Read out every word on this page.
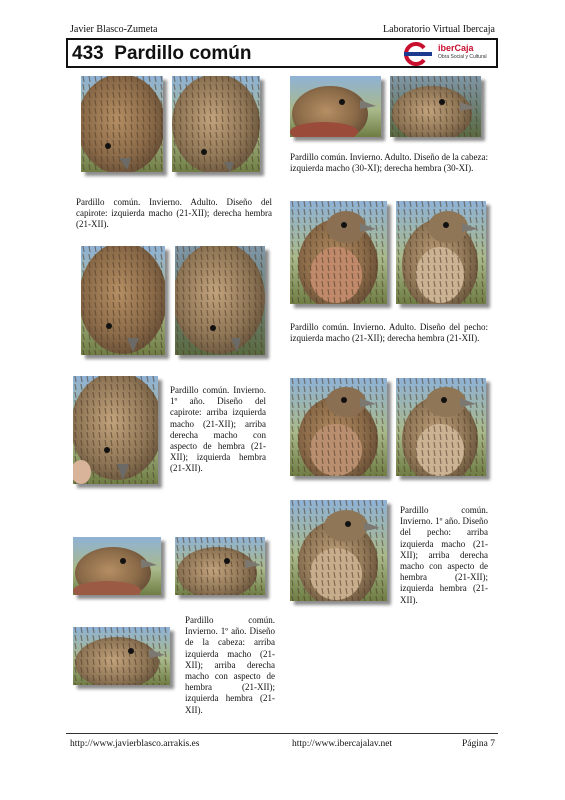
Javier Blasco-Zumeta	Laboratorio Virtual Ibercaja
433 Pardillo común	iberCaja
Obra Social y Cultural
Pardillo común. Invierno. Adulto. Diseño de la cabeza: izquierda macho (30-XI); derecha hembra (30-XI).
Pardillo común. Invierno. Adulto. Diseño del capirote: izquierda macho (21-XII); derecha hembra (21-XII).
Pardillo común. Invierno. Adulto. Diseño del pecho: izquierda macho (21-XII); derecha hembra (21-XII).
Pardillo común. Invierno. 1º año. Diseño del capirote: arriba izquierda macho (21-XII); arriba derecha macho con aspecto de hembra (21-XII); izquierda hembra (21-XII).
Pardillo común. Invierno. 1º año. Diseño del pecho: arriba izquierda macho (21-XII); arriba derecha macho con aspecto de hembra (21-XII); izquierda hembra (21-XII).
Pardillo común. Invierno. 1º año. Diseño de la cabeza: arriba izquierda macho (21-XII); arriba derecha macho con aspecto de hembra (21-XII); izquierda hembra (21-XII).
http://www.javierblasco.arrakis.es	http://www.ibercajalav.net	Página 7
